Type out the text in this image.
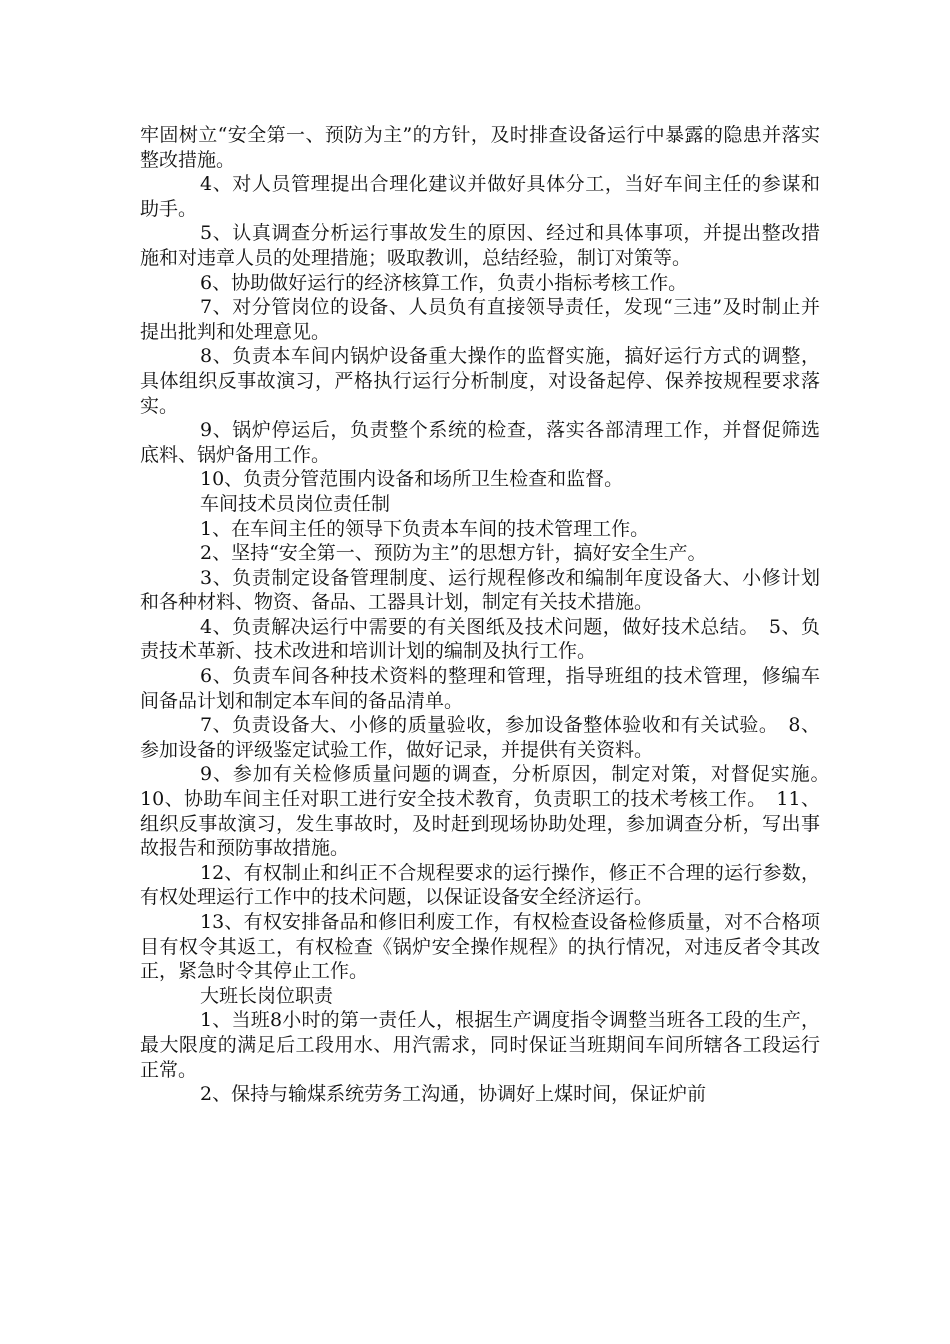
牢固树立“安全第一、预防为主”的方针，及时排查设备运行中暴露的隐患并落实整改措施。

4、对人员管理提出合理化建议并做好具体分工，当好车间主任的参谋和助手。

5、认真调查分析运行事故发生的原因、经过和具体事项，并提出整改措施和对违章人员的处理措施；吸取教训，总结经验，制订对策等。

6、协助做好运行的经济核算工作，负责小指标考核工作。

7、对分管岗位的设备、人员负有直接领导责任，发现“三违”及时制止并提出批判和处理意见。

8、负责本车间内锅炉设备重大操作的监督实施，搞好运行方式的调整，具体组织反事故演习，严格执行运行分析制度，对设备起停、保养按规程要求落实。

9、锅炉停运后，负责整个系统的检查，落实各部清理工作，并督促筛选底料、锅炉备用工作。

10、负责分管范围内设备和场所卫生检查和监督。

车间技术员岗位责任制

1、在车间主任的领导下负责本车间的技术管理工作。

2、坚持“安全第一、预防为主”的思想方针，搞好安全生产。

3、负责制定设备管理制度、运行规程修改和编制年度设备大、小修计划和各种材料、物资、备品、工器具计划，制定有关技术措施。

4、负责解决运行中需要的有关图纸及技术问题，做好技术总结。　5、负责技术革新、技术改进和培训计划的编制及执行工作。

6、负责车间各种技术资料的整理和管理，指导班组的技术管理，修编车间备品计划和制定本车间的备品清单。

7、负责设备大、小修的质量验收，参加设备整体验收和有关试验。　8、参加设备的评级鉴定试验工作，做好记录，并提供有关资料。

9、参加有关检修质量问题的调查，分析原因，制定对策，对督促实施。　10、协助车间主任对职工进行安全技术教育，负责职工的技术考核工作。　11、组织反事故演习，发生事故时，及时赶到现场协助处理，参加调查分析，写出事故报告和预防事故措施。

12、有权制止和纠正不合规程要求的运行操作，修正不合理的运行参数，有权处理运行工作中的技术问题，以保证设备安全经济运行。

13、有权安排备品和修旧利废工作，有权检查设备检修质量，对不合格项目有权令其返工，有权检查《锅炉安全操作规程》的执行情况，对违反者令其改正，紧急时令其停止工作。

大班长岗位职责

1、当班8小时的第一责任人，根据生产调度指令调整当班各工段的生产，最大限度的满足后工段用水、用汽需求，同时保证当班期间车间所辖各工段运行正常。

2、保持与输煤系统劳务工沟通，协调好上煤时间，保证炉前
